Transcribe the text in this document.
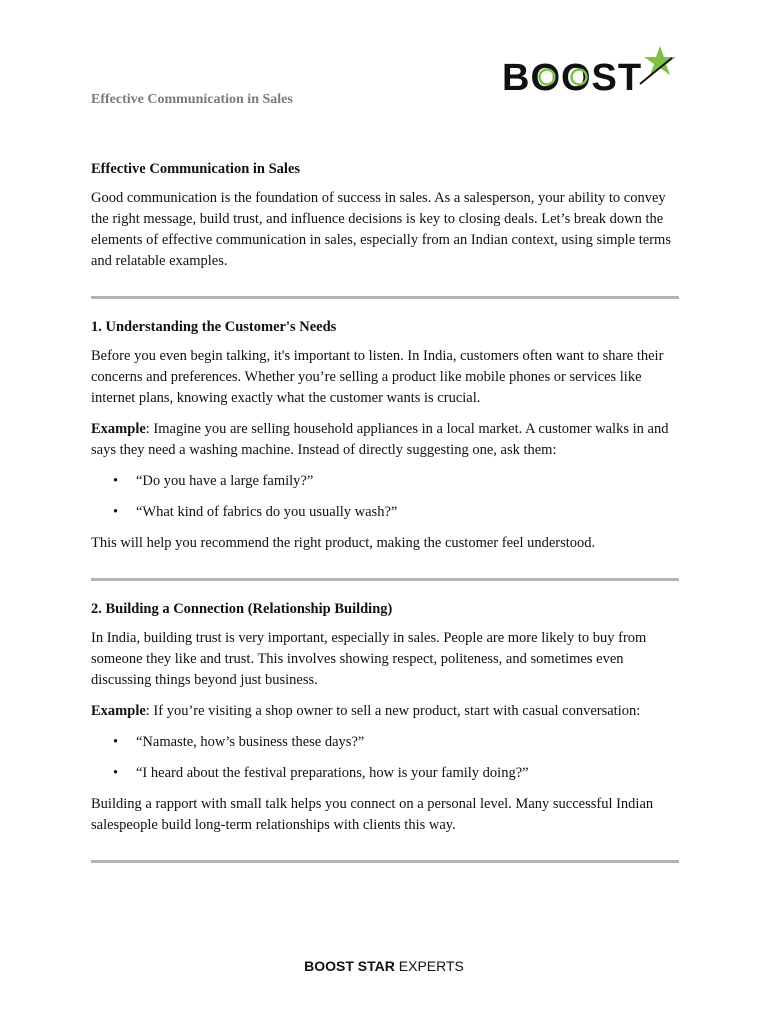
BOOST
Effective Communication in Sales
Effective Communication in Sales

Good communication is the foundation of success in sales. As a salesperson, your ability to convey the right message, build trust, and influence decisions is key to closing deals. Let’s break down the elements of effective communication in sales, especially from an Indian context, using simple terms and relatable examples.

1. Understanding the Customer's Needs

Before you even begin talking, it's important to listen. In India, customers often want to share their concerns and preferences. Whether you’re selling a product like mobile phones or services like internet plans, knowing exactly what the customer wants is crucial.

Example: Imagine you are selling household appliances in a local market. A customer walks in and says they need a washing machine. Instead of directly suggesting one, ask them:

• “Do you have a large family?”
• “What kind of fabrics do you usually wash?”

This will help you recommend the right product, making the customer feel understood.

2. Building a Connection (Relationship Building)

In India, building trust is very important, especially in sales. People are more likely to buy from someone they like and trust. This involves showing respect, politeness, and sometimes even discussing things beyond just business.

Example: If you’re visiting a shop owner to sell a new product, start with casual conversation:

• “Namaste, how’s business these days?”
• “I heard about the festival preparations, how is your family doing?”

Building a rapport with small talk helps you connect on a personal level. Many successful Indian salespeople build long-term relationships with clients this way.

BOOST STAR EXPERTS
